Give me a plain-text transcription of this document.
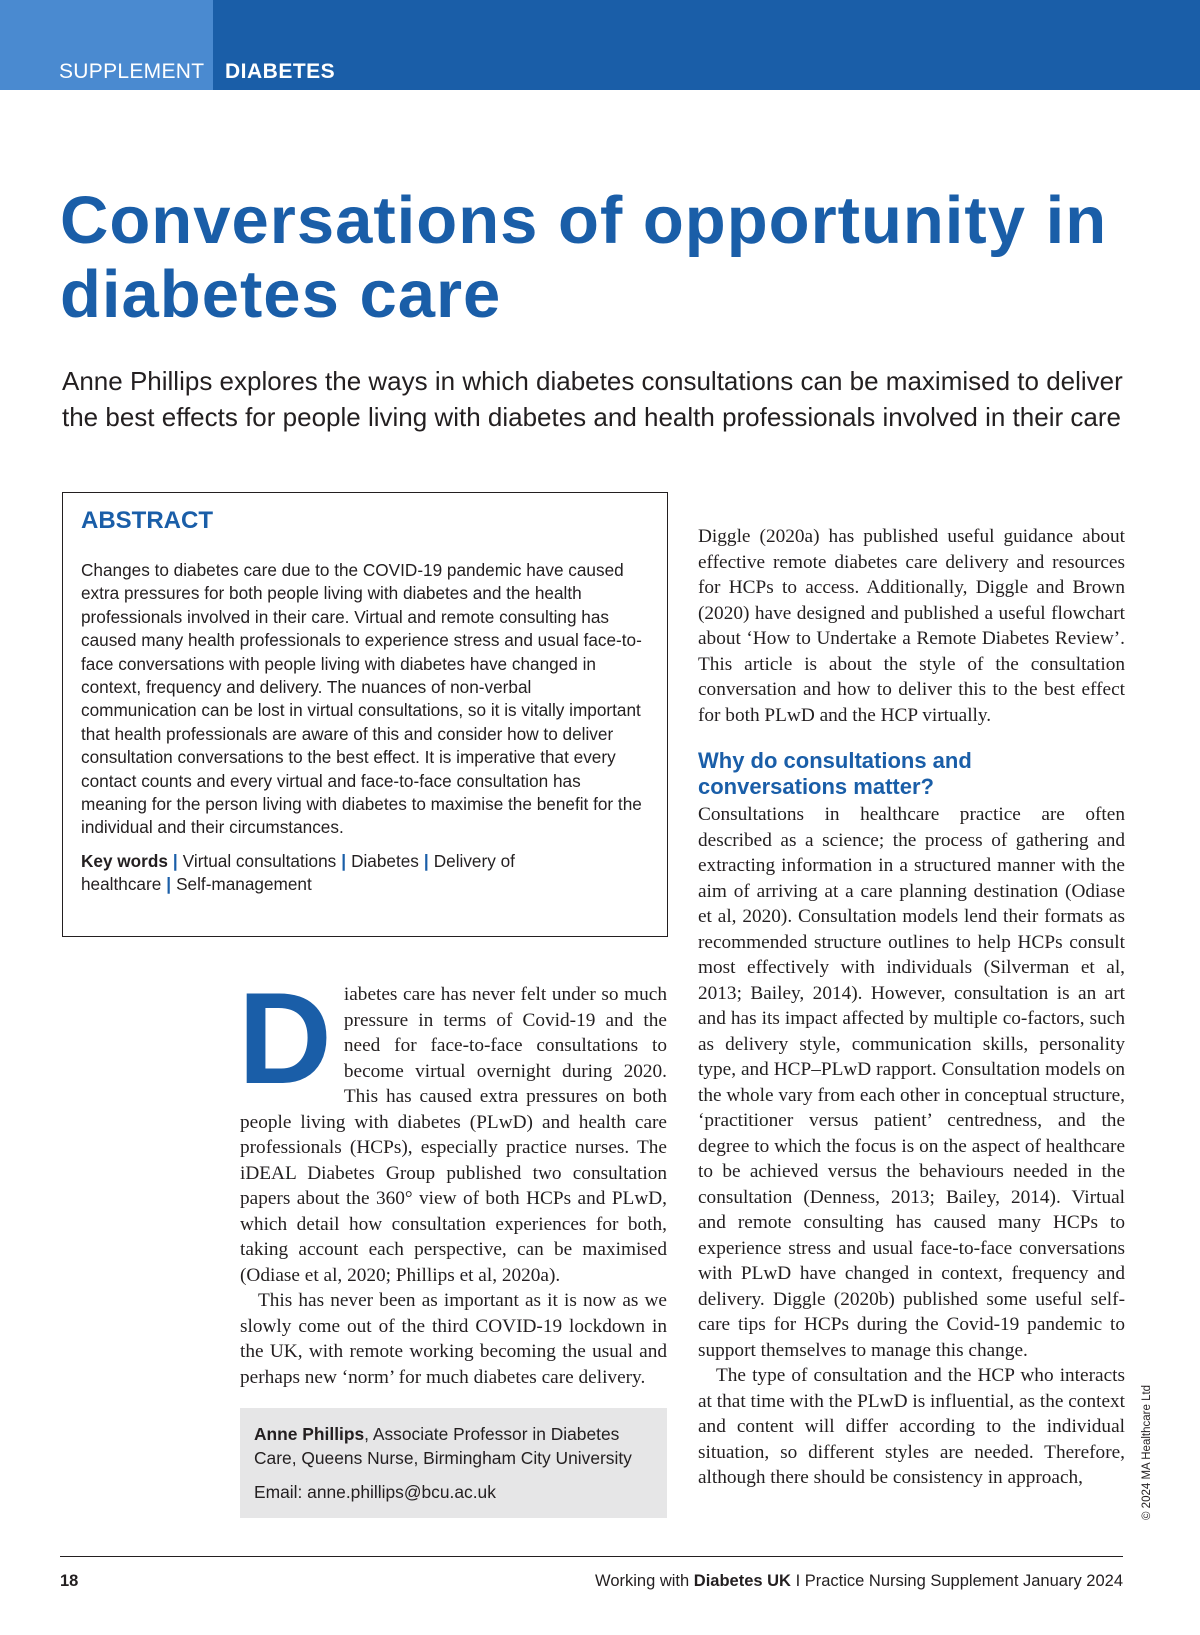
SUPPLEMENT DIABETES
Conversations of opportunity in diabetes care

Anne Phillips explores the ways in which diabetes consultations can be maximised to deliver the best effects for people living with diabetes and health professionals involved in their care

ABSTRACT

Changes to diabetes care due to the COVID-19 pandemic have caused extra pressures for both people living with diabetes and the health professionals involved in their care. Virtual and remote consulting has caused many health professionals to experience stress and usual face-to-face conversations with people living with diabetes have changed in context, frequency and delivery. The nuances of non-verbal communication can be lost in virtual consultations, so it is vitally important that health professionals are aware of this and consider how to deliver consultation conversations to the best effect. It is imperative that every contact counts and every virtual and face-to-face consultation has meaning for the person living with diabetes to maximise the benefit for the individual and their circumstances.

Key words | Virtual consultations | Diabetes | Delivery of healthcare | Self-management

Diabetes care has never felt under so much pressure in terms of Covid-19 and the need for face-to-face consultations to become virtual overnight during 2020. This has caused extra pressures on both people living with diabetes (PLwD) and health care professionals (HCPs), especially practice nurses. The iDEAL Diabetes Group published two consultation papers about the 360° view of both HCPs and PLwD, which detail how consultation experiences for both, taking account each perspective, can be maximised (Odiase et al, 2020; Phillips et al, 2020a).

This has never been as important as it is now as we slowly come out of the third COVID-19 lockdown in the UK, with remote working becoming the usual and perhaps new ‘norm’ for much diabetes care delivery.

Anne Phillips, Associate Professor in Diabetes Care, Queens Nurse, Birmingham City University

Email: anne.phillips@bcu.ac.uk

Diggle (2020a) has published useful guidance about effective remote diabetes care delivery and resources for HCPs to access. Additionally, Diggle and Brown (2020) have designed and published a useful flowchart about ‘How to Undertake a Remote Diabetes Review’. This article is about the style of the consultation conversation and how to deliver this to the best effect for both PLwD and the HCP virtually.

Why do consultations and conversations matter?

Consultations in healthcare practice are often described as a science; the process of gathering and extracting information in a structured manner with the aim of arriving at a care planning destination (Odiase et al, 2020). Consultation models lend their formats as recommended structure outlines to help HCPs consult most effectively with individuals (Silverman et al, 2013; Bailey, 2014). However, consultation is an art and has its impact affected by multiple co-factors, such as delivery style, communication skills, personality type, and HCP–PLwD rapport. Consultation models on the whole vary from each other in conceptual structure, ‘practitioner versus patient’ centredness, and the degree to which the focus is on the aspect of healthcare to be achieved versus the behaviours needed in the consultation (Denness, 2013; Bailey, 2014). Virtual and remote consulting has caused many HCPs to experience stress and usual face-to-face conversations with PLwD have changed in context, frequency and delivery. Diggle (2020b) published some useful self-care tips for HCPs during the Covid-19 pandemic to support themselves to manage this change.

The type of consultation and the HCP who interacts at that time with the PLwD is influential, as the context and content will differ according to the individual situation, so different styles are needed. Therefore, although there should be consistency in approach,	© 2024 MA Healthcare Ltd
18	Working with Diabetes UK I Practice Nursing Supplement January 2024
